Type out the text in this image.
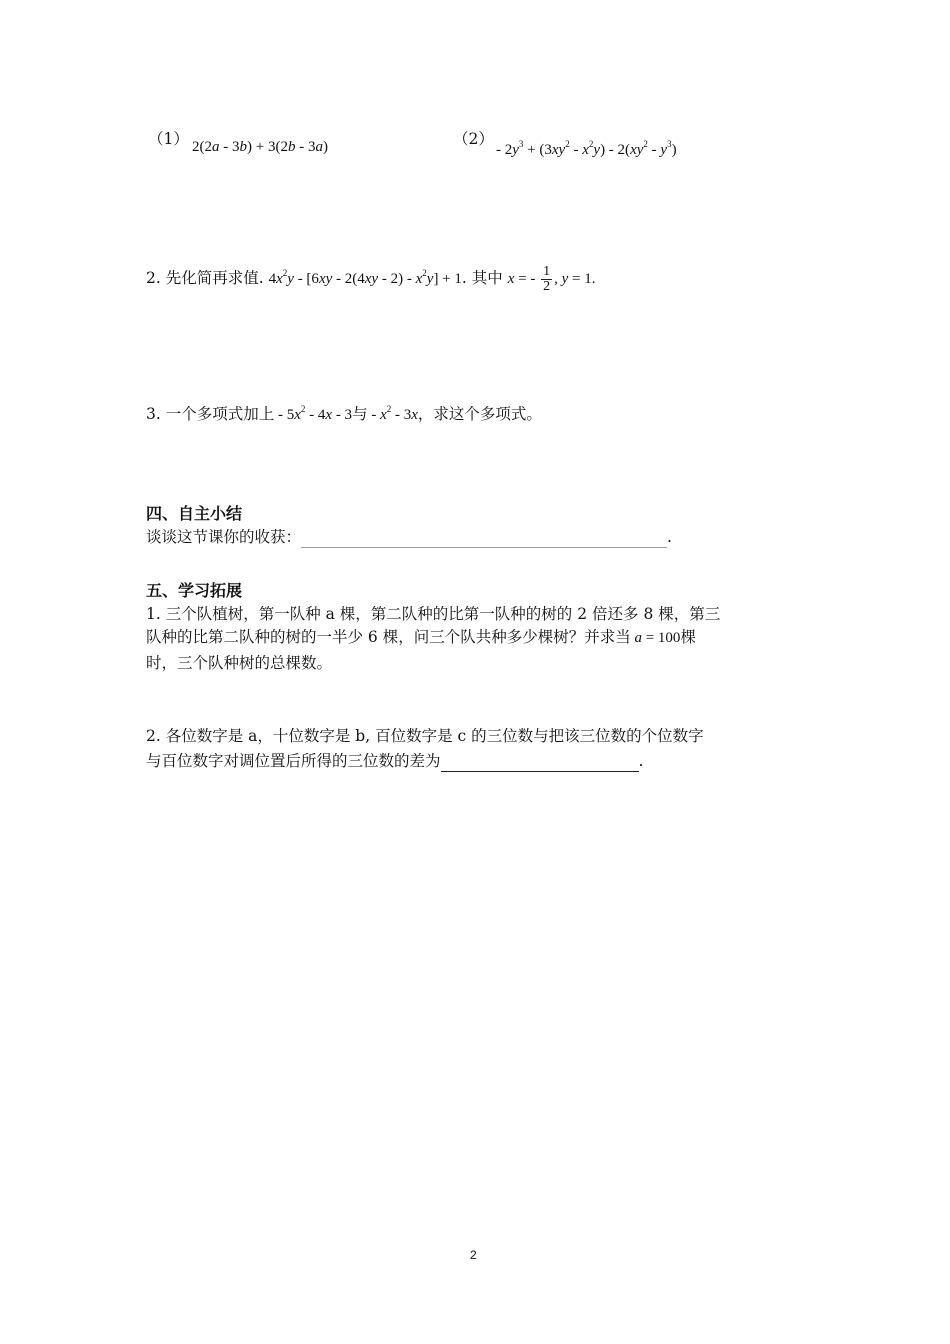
（1） 2(2a - 3b) + 3(2b - 3a)	（2）
- $2y^3 + (3xy^2 - x^2y) - 2(xy^2 - y^3)$
2. 先化简再求值. $4x^2y - [6xy - 2(4xy - 2) - x^2y] + 1$. 其中 x = - $\frac{1}{2}$ , y = 1.
3. 一个多项式加上 - $5x^2 - 4x - 3$与 - $x^2 - 3x$，求这个多项式。
四、自主小结
谈谈这节课你的收获：	.
五、学习拓展
1. 三个队植树，第一队种 a 棵，第二队种的比第一队种的树的 2 倍还多 8 棵，第三
队种的比第二队种的树的一半少 6 棵，问三个队共种多少棵树？并求当 a = 100棵
时，三个队种树的总棵数。
2. 各位数字是 a，十位数字是 b, 百位数字是 c 的三位数与把该三位数的个位数字
与百位数字对调位置后所得的三位数的差为	.
2
